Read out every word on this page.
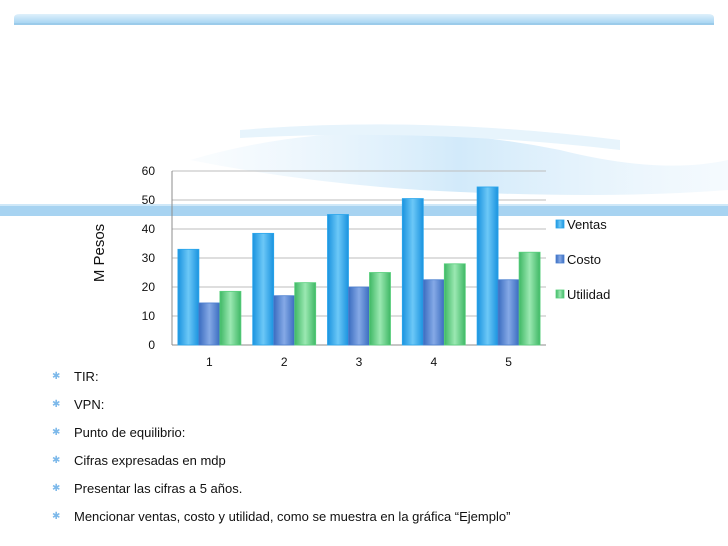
0
10
20
30
40
50
60
M Pesos
1	2	3	4	5
Ventas
Costo
Utilidad
✱ TIR:
✱ VPN:
✱ Punto de equilibrio:
✱ Cifras expresadas en mdp
✱ Presentar las cifras a 5 años.
✱ Mencionar ventas, costo y utilidad, como se muestra en la gráfica “Ejemplo”
